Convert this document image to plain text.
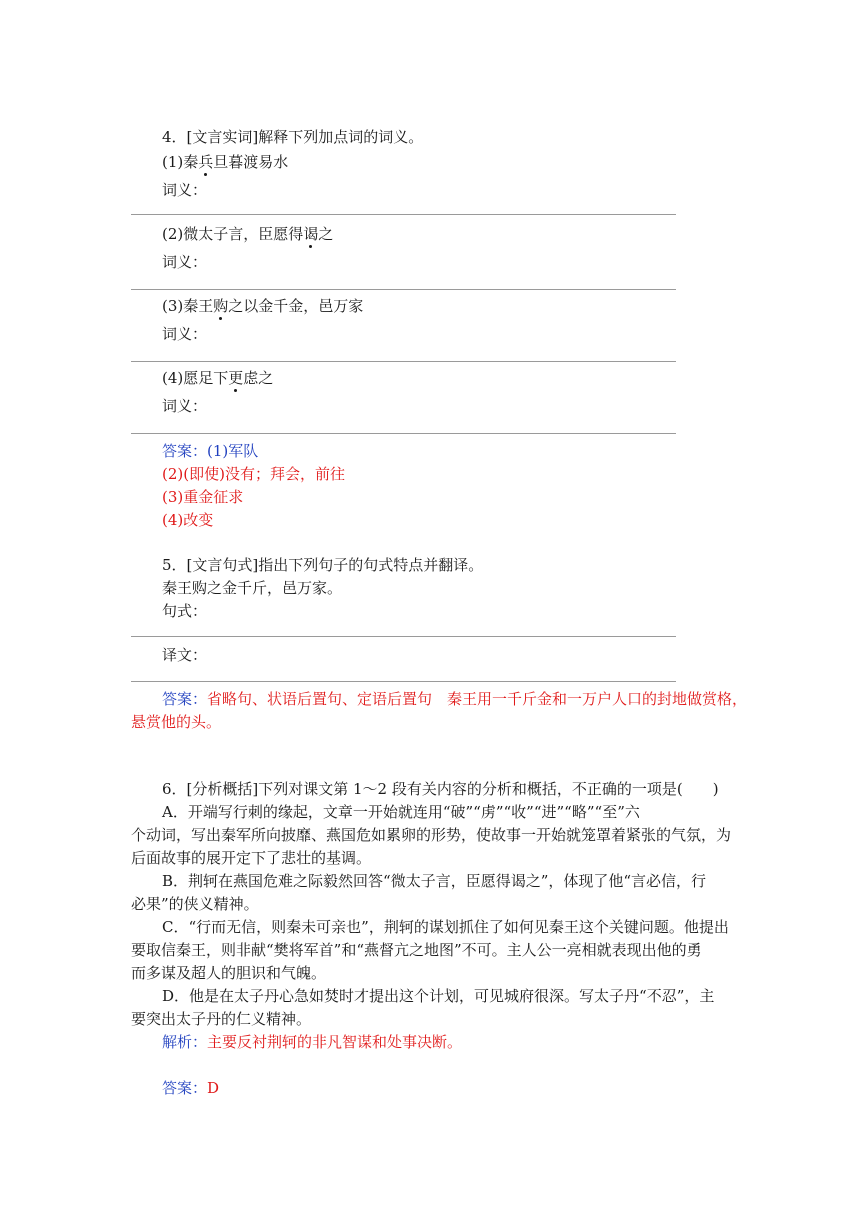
4．[文言实词]解释下列加点词的词义。
(1)秦兵旦暮渡易水
词义：
(2)微太子言，臣愿得谒之
词义：
(3)秦王购之以金千金，邑万家
词义：
(4)愿足下更虑之
词义：
答案：(1)军队
(2)(即使)没有；拜会，前往
(3)重金征求
(4)改变
5．[文言句式]指出下列句子的句式特点并翻译。
秦王购之金千斤，邑万家。
句式：
译文：
答案：省略句、状语后置句、定语后置句　秦王用一千斤金和一万户人口的封地做赏格，
悬赏他的头。
6．[分析概括]下列对课文第 1～2 段有关内容的分析和概括，不正确的一项是(　　)
A．开端写行刺的缘起，文章一开始就连用“破”“虏”“收”“进”“略”“至”六
个动词，写出秦军所向披靡、燕国危如累卵的形势，使故事一开始就笼罩着紧张的气氛，为
后面故事的展开定下了悲壮的基调。
B．荆轲在燕国危难之际毅然回答“微太子言，臣愿得谒之”，体现了他“言必信，行
必果”的侠义精神。
C．“行而无信，则秦未可亲也”，荆轲的谋划抓住了如何见秦王这个关键问题。他提出
要取信秦王，则非献“樊将军首”和“燕督亢之地图”不可。主人公一亮相就表现出他的勇
而多谋及超人的胆识和气魄。
D．他是在太子丹心急如焚时才提出这个计划，可见城府很深。写太子丹“不忍”，主
要突出太子丹的仁义精神。
解析：主要反衬荆轲的非凡智谋和处事决断。
答案：D
